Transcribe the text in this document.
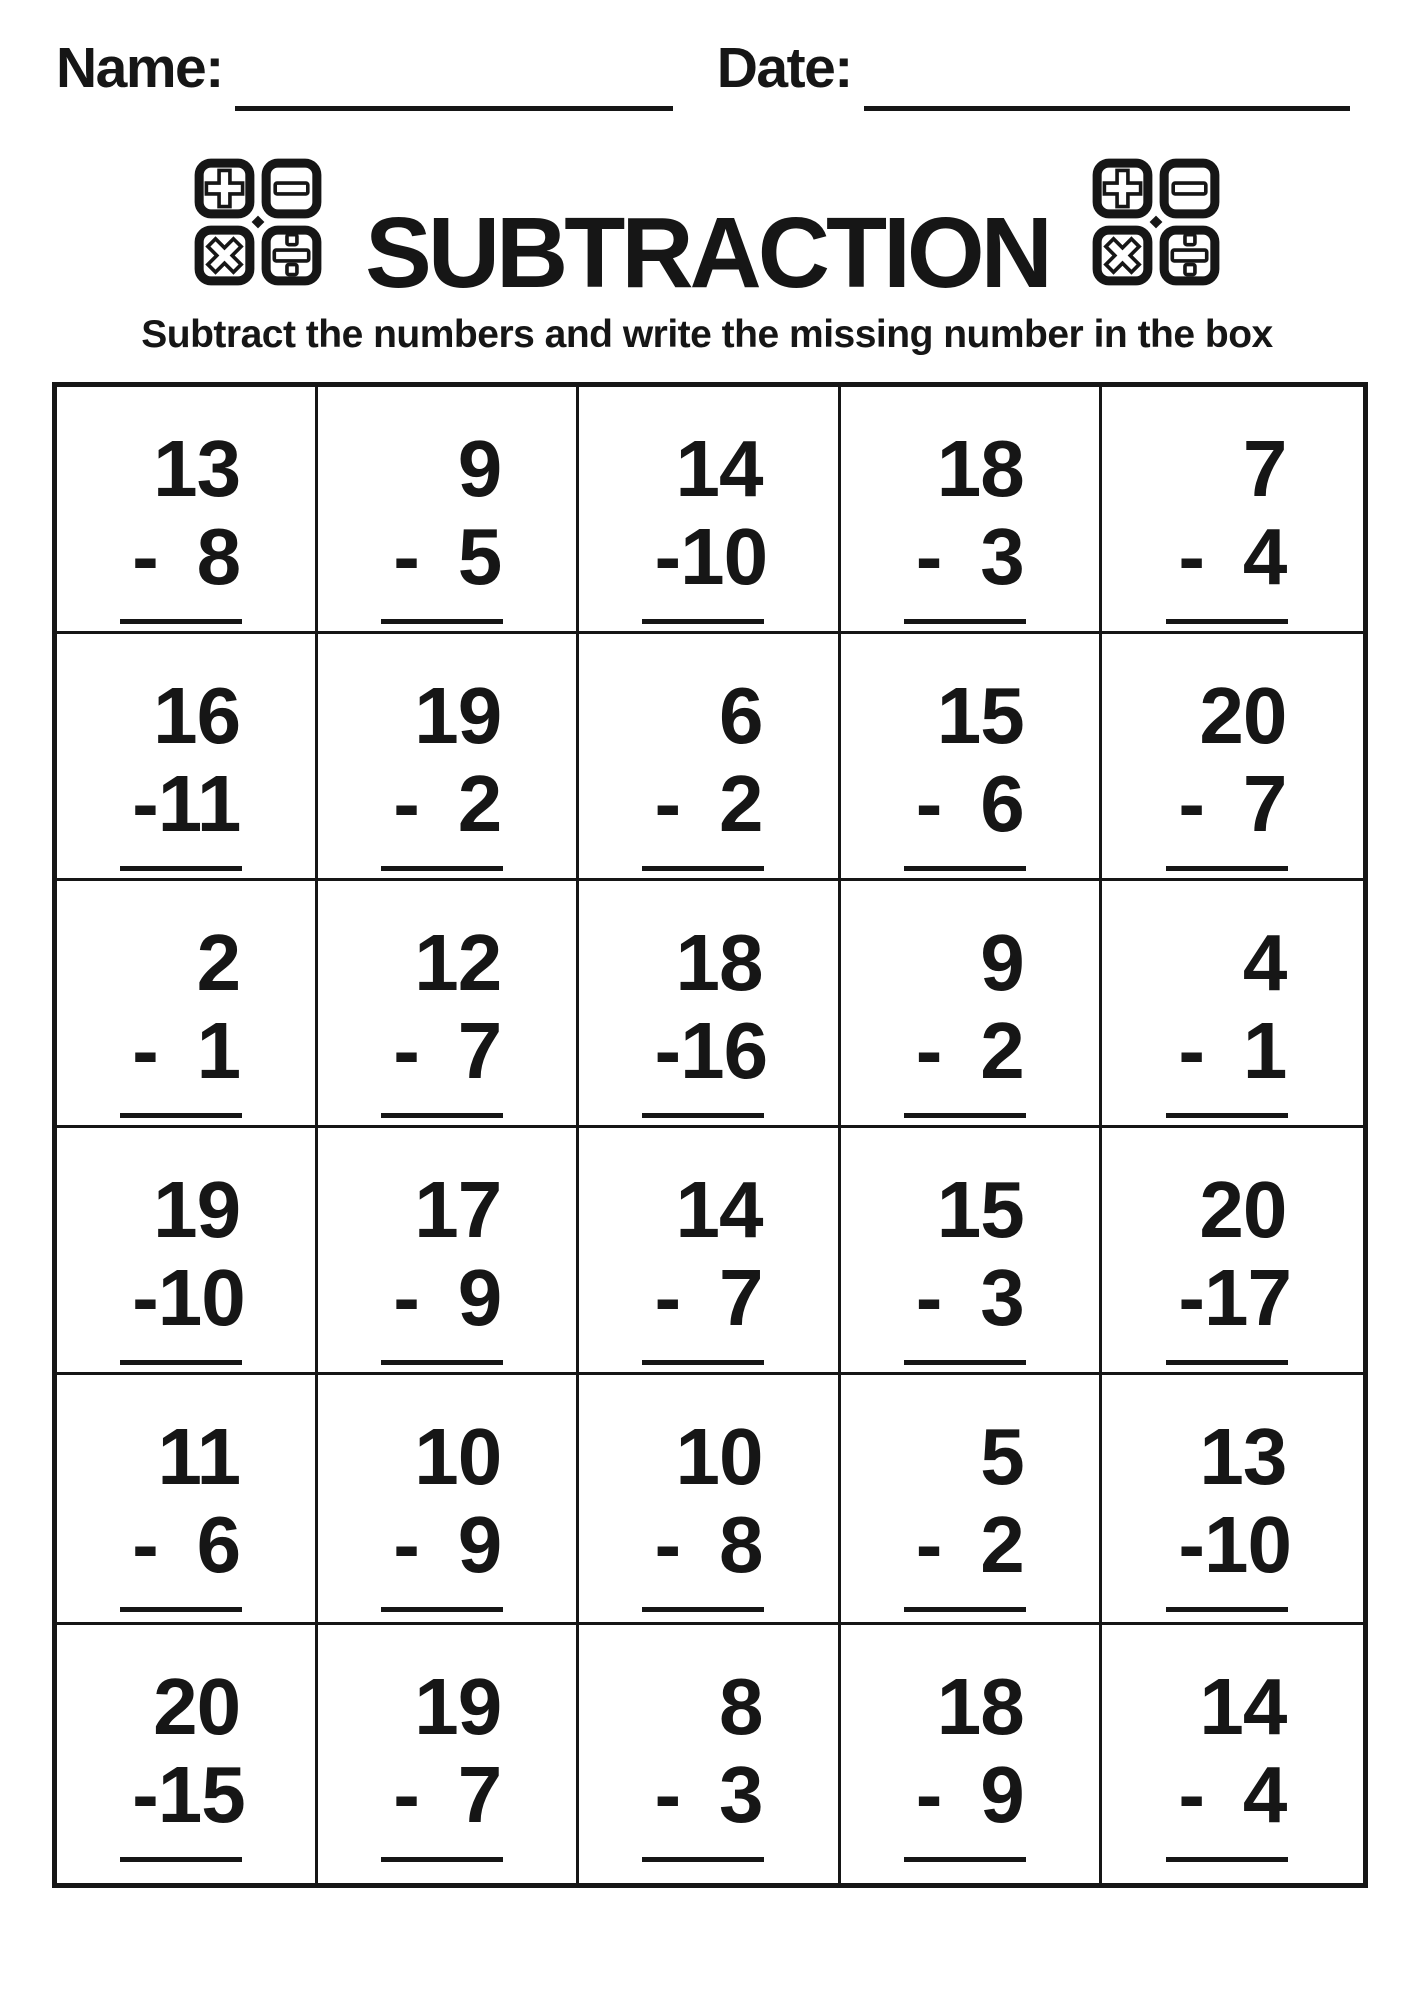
Name:	Date:
SUBTRACTION
Subtract the numbers and write the missing number in the box
13
- 8
9
- 5
14
- 10
18
- 3
7
- 4
16
- 11
19
- 2
6
- 2
15
- 6
20
- 7
2
- 1
12
- 7
18
- 16
9
- 2
4
- 1
19
- 10
17
- 9
14
- 7
15
- 3
20
- 17
11
- 6
10
- 9
10
- 8
5
- 2
13
- 10
20
- 15
19
- 7
8
- 3
18
- 9
14
- 4
